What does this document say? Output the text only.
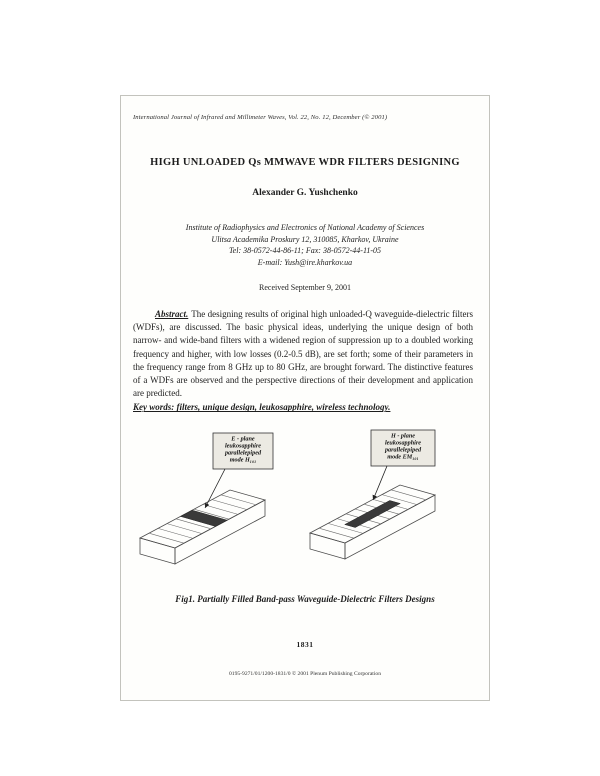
International Journal of Infrared and Millimeter Waves, Vol. 22, No. 12, December (© 2001)
HIGH UNLOADED Qs MMWAVE WDR FILTERS DESIGNING
Alexander G. Yushchenko
Institute of Radiophysics and Electronics of National Academy of Sciences
Ulitsa Academika Proskury 12, 310085, Kharkov, Ukraine
Tel: 38-0572-44-86-11; Fax: 38-0572-44-11-05
E-mail: Yush@ire.kharkov.ua
Received September 9, 2001

Abstract. The designing results of original high unloaded-Q waveguide-dielectric filters (WDFs), are discussed. The basic physical ideas, underlying the unique design of both narrow- and wide-band filters with a widened region of suppression up to a doubled working frequency and higher, with low losses (0.2-0.5 dB), are set forth; some of their parameters in the frequency range from 8 GHz up to 80 GHz, are brought forward. The distinctive features of a WDFs are observed and the perspective directions of their development and application are predicted.

Key words: filters, unique design, leukosapphire, wireless technology.
E - plane
leukosapphire
parallelepiped
mode H₁₀₁
H - plane
leukosapphire
parallelepiped
mode EM₁₀₁
Fig1. Partially Filled Band-pass Waveguide-Dielectric Filters Designs
1831
0195-9271/01/1200-1831/0 © 2001 Plenum Publishing Corporation
